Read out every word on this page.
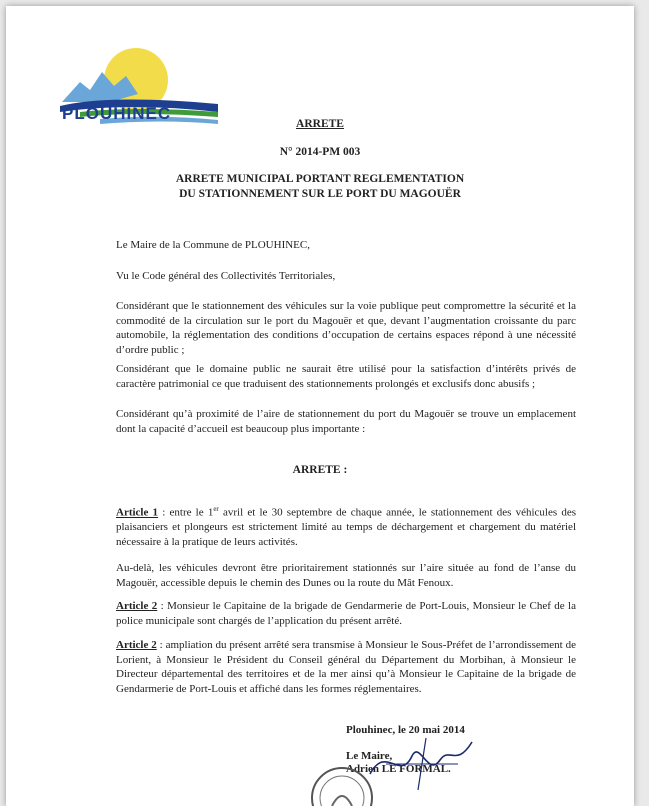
PLOUHINEC
ARRETE
N° 2014-PM 003
ARRETE MUNICIPAL PORTANT REGLEMENTATION
DU STATIONNEMENT SUR LE PORT DU MAGOUËR
Le Maire de la Commune de PLOUHINEC,
Vu le Code général des Collectivités Territoriales,
Considérant que le stationnement des véhicules sur la voie publique peut compromettre la sécurité et la commodité de la circulation sur le port du Magouër et que, devant l’augmentation croissante du parc automobile, la réglementation des conditions d’occupation de certains espaces répond à une nécessité d’ordre public ;
Considérant que le domaine public ne saurait être utilisé pour la satisfaction d’intérêts privés de caractère patrimonial ce que traduisent des stationnements prolongés et exclusifs donc abusifs ;
Considérant qu’à proximité de l’aire de stationnement du port du Magouër se trouve un emplacement dont la capacité d’accueil est beaucoup plus importante :
ARRETE :
Article 1 : entre le 1er avril et le 30 septembre de chaque année, le stationnement des véhicules des plaisanciers et plongeurs est strictement limité au temps de déchargement et chargement du matériel nécessaire à la pratique de leurs activités.
Au-delà, les véhicules devront être prioritairement stationnés sur l’aire située au fond de l’anse du Magouër, accessible depuis le chemin des Dunes ou la route du Mât Fenoux.
Article 2 : Monsieur le Capitaine de la brigade de Gendarmerie de Port-Louis, Monsieur le Chef de la police municipale sont chargés de l’application du présent arrêté.
Article 2 : ampliation du présent arrêté sera transmise à Monsieur le Sous-Préfet de l’arrondissement de Lorient, à Monsieur le Président du Conseil général du Département du Morbihan, à Monsieur le Directeur départemental des territoires et de la mer ainsi qu’à Monsieur le Capitaine de la brigade de Gendarmerie de Port-Louis et affiché dans les formes réglementaires.
Plouhinec, le 20 mai 2014
Le Maire,
Adrien LE FORMAL.
